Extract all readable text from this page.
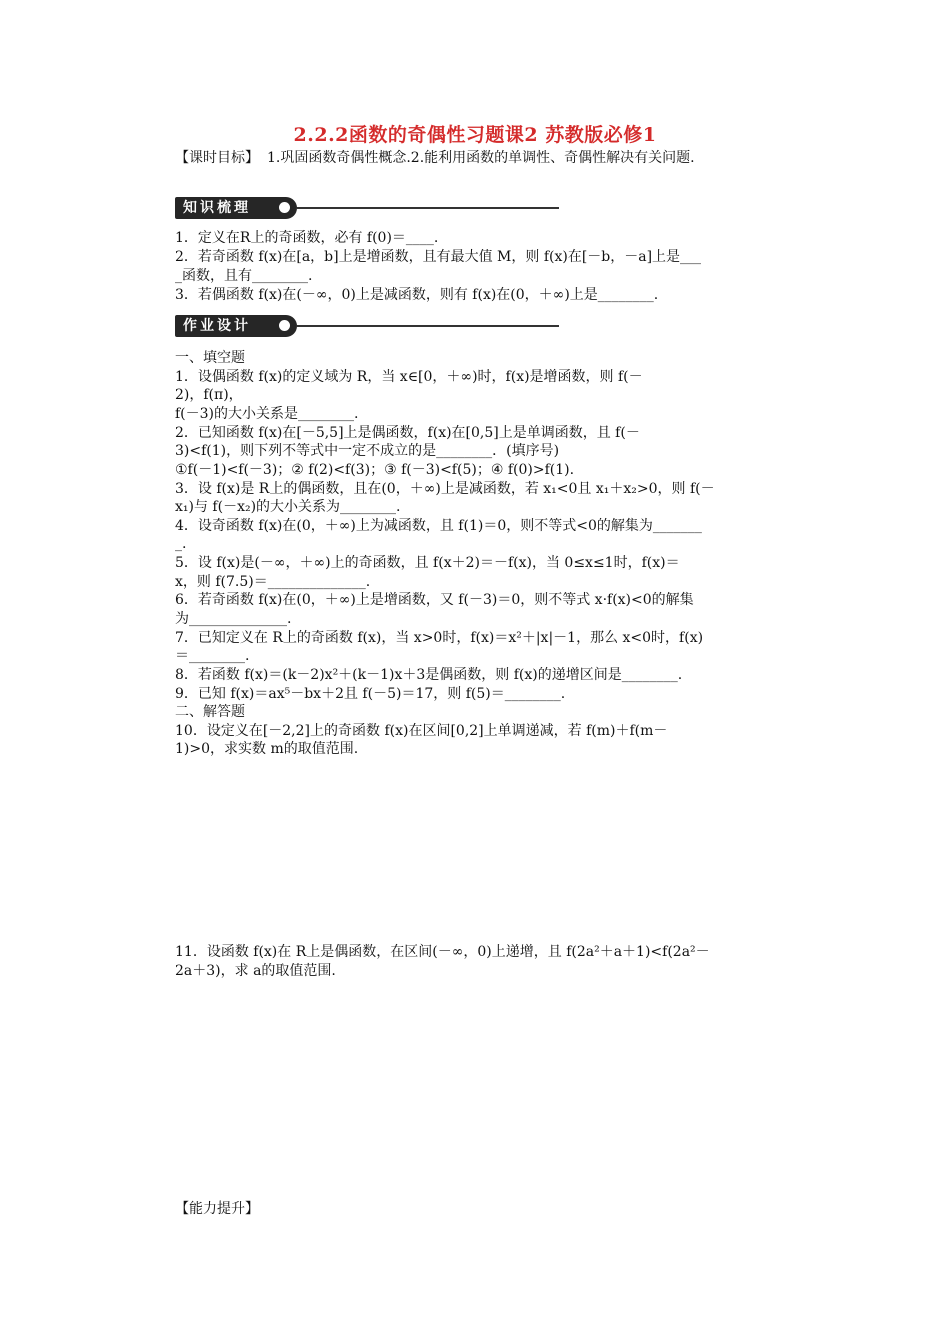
2.2.2函数的奇偶性习题课2 苏教版必修1
【课时目标】 1.巩固函数奇偶性概念.2.能利用函数的单调性、奇偶性解决有关问题.
知识梳理
1．定义在R上的奇函数，必有 f(0)＝____.
2．若奇函数 f(x)在[a，b]上是增函数，且有最大值 M，则 f(x)在[－b，－a]上是___
_函数，且有________.
3．若偶函数 f(x)在(－∞，0)上是减函数，则有 f(x)在(0，＋∞)上是________.
作业设计
一、填空题
1．设偶函数 f(x)的定义域为 R，当 x∈[0，＋∞)时，f(x)是增函数，则 f(－
2)，f(π)，
f(－3)的大小关系是________.
2．已知函数 f(x)在[－5,5]上是偶函数，f(x)在[0,5]上是单调函数，且 f(－
3)<f(1)，则下列不等式中一定不成立的是________．(填序号)
①f(－1)<f(－3)；② f(2)<f(3)；③ f(－3)<f(5)；④ f(0)>f(1).
3．设 f(x)是 R上的偶函数，且在(0，＋∞)上是减函数，若 x₁<0且 x₁＋x₂>0，则 f(－
x₁)与 f(－x₂)的大小关系为________.
4．设奇函数 f(x)在(0，＋∞)上为减函数，且 f(1)＝0，则不等式<0的解集为_______
_.
5．设 f(x)是(－∞，＋∞)上的奇函数，且 f(x＋2)＝－f(x)，当 0≤x≤1时，f(x)＝
x，则 f(7.5)＝______________.
6．若奇函数 f(x)在(0，＋∞)上是增函数，又 f(－3)＝0，则不等式 x·f(x)<0的解集
为______________.
7．已知定义在 R上的奇函数 f(x)，当 x>0时，f(x)＝x²＋|x|－1，那么 x<0时，f(x)
＝________.
8．若函数 f(x)＝(k－2)x²＋(k－1)x＋3是偶函数，则 f(x)的递增区间是________.
9．已知 f(x)＝ax⁵－bx＋2且 f(－5)＝17，则 f(5)＝________.
二、解答题
10．设定义在[－2,2]上的奇函数 f(x)在区间[0,2]上单调递减，若 f(m)＋f(m－
1)>0，求实数 m的取值范围.
11．设函数 f(x)在 R上是偶函数，在区间(－∞，0)上递增，且 f(2a²＋a＋1)<f(2a²－
2a＋3)，求 a的取值范围.
【能力提升】
